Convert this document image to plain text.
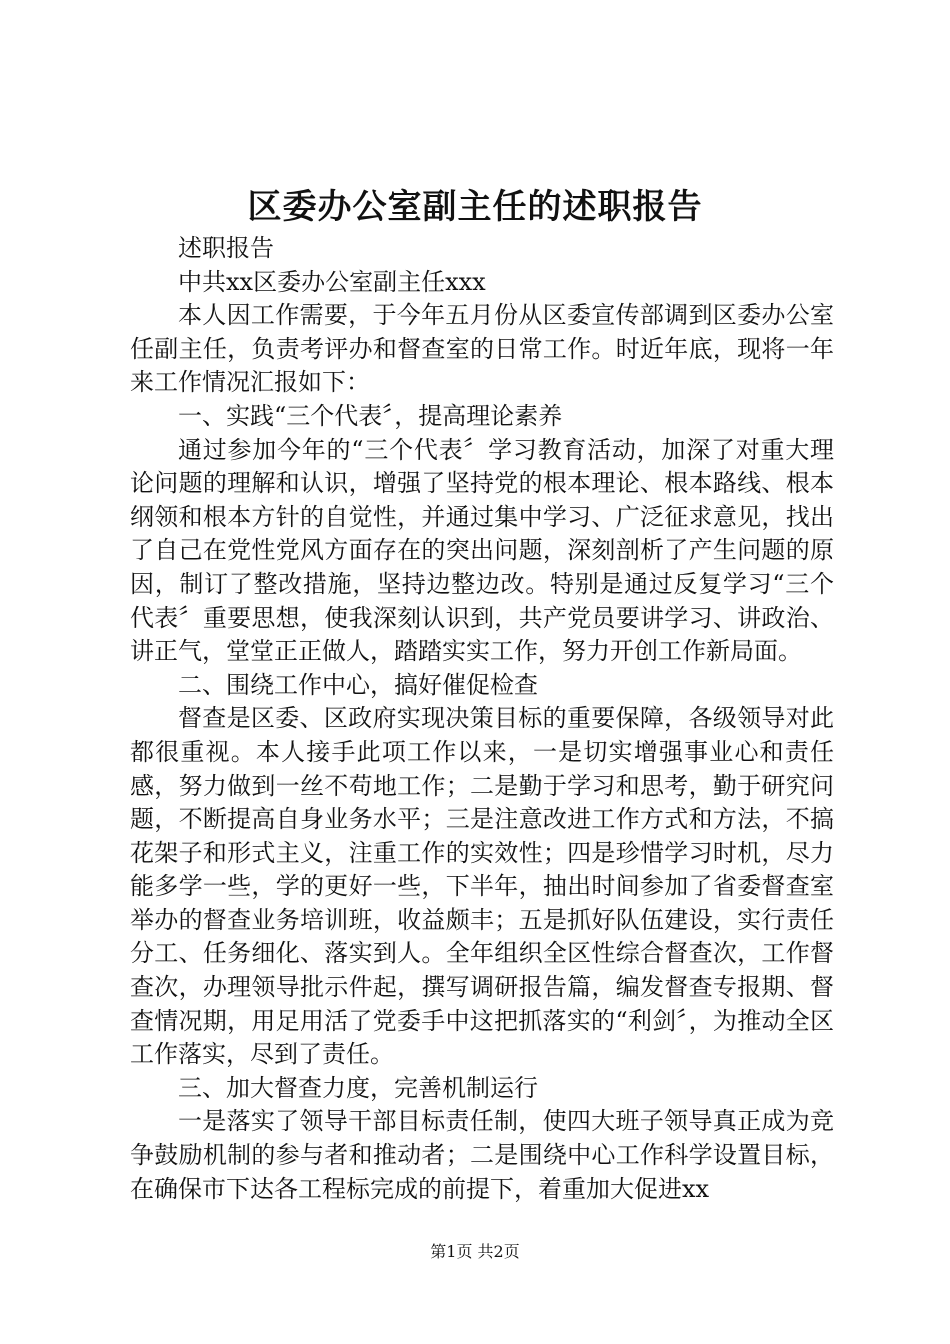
区委办公室副主任的述职报告

述职报告

中共xx区委办公室副主任xxx

本人因工作需要，于今年五月份从区委宣传部调到区委办公室任副主任，负责考评办和督查室的日常工作。时近年底，现将一年来工作情况汇报如下：

一、实践“三个代表〞，提高理论素养

通过参加今年的“三个代表〞学习教育活动，加深了对重大理论问题的理解和认识，增强了坚持党的根本理论、根本路线、根本纲领和根本方针的自觉性，并通过集中学习、广泛征求意见，找出了自己在党性党风方面存在的突出问题，深刻剖析了产生问题的原因，制订了整改措施，坚持边整边改。特别是通过反复学习“三个代表〞重要思想，使我深刻认识到，共产党员要讲学习、讲政治、讲正气，堂堂正正做人，踏踏实实工作，努力开创工作新局面。

二、围绕工作中心，搞好催促检查

督查是区委、区政府实现决策目标的重要保障，各级领导对此都很重视。本人接手此项工作以来，一是切实增强事业心和责任感，努力做到一丝不苟地工作；二是勤于学习和思考，勤于研究问题，不断提高自身业务水平；三是注意改进工作方式和方法，不搞花架子和形式主义，注重工作的实效性；四是珍惜学习时机，尽力能多学一些，学的更好一些，下半年，抽出时间参加了省委督查室举办的督查业务培训班，收益颇丰；五是抓好队伍建设，实行责任分工、任务细化、落实到人。全年组织全区性综合督查次，工作督查次，办理领导批示件起，撰写调研报告篇，编发督查专报期、督查情况期，用足用活了党委手中这把抓落实的“利剑〞，为推动全区工作落实，尽到了责任。

三、加大督查力度，完善机制运行

一是落实了领导干部目标责任制，使四大班子领导真正成为竞争鼓励机制的参与者和推动者；二是围绕中心工作科学设置目标，在确保市下达各工程标完成的前提下，着重加大促进xx

第1页 共2页
